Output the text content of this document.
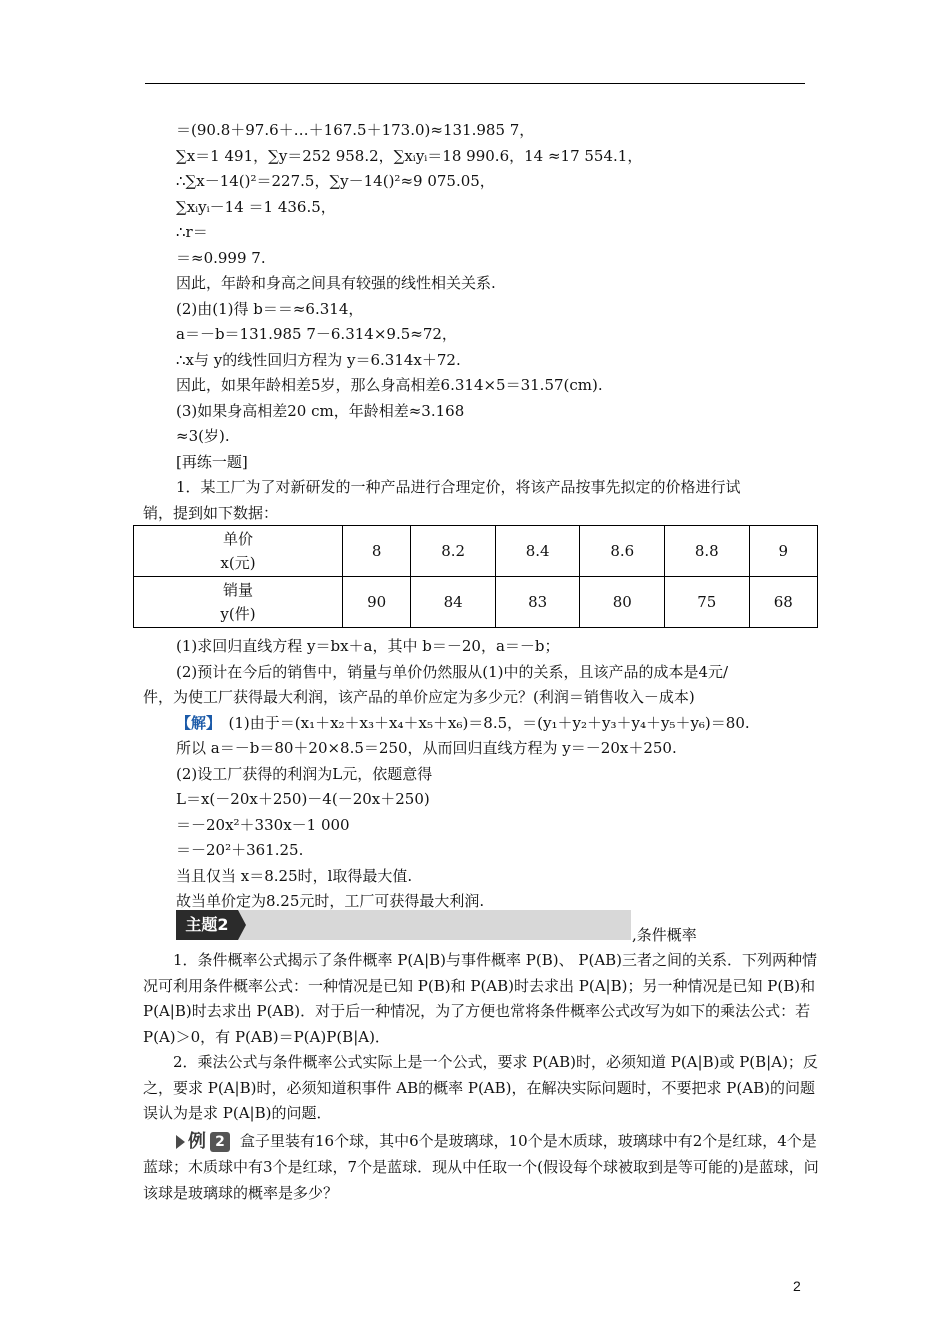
＝(90.8＋97.6＋…＋167.5＋173.0)≈131.985 7，
∑x＝1 491，∑y＝252 958.2，∑xᵢyᵢ＝18 990.6，14 ≈17 554.1，
∴∑x－14()²＝227.5，∑y－14()²≈9 075.05，
∑xᵢyᵢ－14 ＝1 436.5，
∴r＝
＝≈0.999 7.
因此，年龄和身高之间具有较强的线性相关关系.
(2)由(1)得 b＝＝≈6.314，
a＝－b＝131.985 7－6.314×9.5≈72，
∴x与 y的线性回归方程为 y＝6.314x＋72.
因此，如果年龄相差5岁，那么身高相差6.314×5＝31.57(cm).
(3)如果身高相差20 cm，年龄相差≈3.168
≈3(岁).
[再练一题]
1．某工厂为了对新研发的一种产品进行合理定价，将该产品按事先拟定的价格进行试
销，提到如下数据：
单价
x(元)	8	8.2	8.4	8.6	8.8	9

销量
y(件)	90	84	83	80	75	68
(1)求回归直线方程 y＝bx＋a，其中 b＝－20，a＝－b；
(2)预计在今后的销售中，销量与单价仍然服从(1)中的关系，且该产品的成本是4元/
件，为使工厂获得最大利润，该产品的单价应定为多少元？(利润＝销售收入－成本)
【解】　(1)由于＝(x₁＋x₂＋x₃＋x₄＋x₅＋x₆)＝8.5，＝(y₁＋y₂＋y₃＋y₄＋y₅＋y₆)＝80.
所以 a＝－b＝80＋20×8.5＝250，从而回归直线方程为 y＝－20x＋250.
(2)设工厂获得的利润为L元，依题意得
L＝x(－20x＋250)－4(－20x＋250)
＝－20x²＋330x－1 000
＝－20²＋361.25.
当且仅当 x＝8.25时，l取得最大值.
故当单价定为8.25元时，工厂可获得最大利润.
主题2
,条件概率
　　1．条件概率公式揭示了条件概率 P(A|B)与事件概率 P(B)、 P(AB)三者之间的关系．下列两种情况可利用条件概率公式：一种情况是已知 P(B)和 P(AB)时去求出 P(A|B)；另一种情况是已知 P(B)和 P(A|B)时去求出 P(AB)．对于后一种情况，为了方便也常将条件概率公式改写为如下的乘法公式：若 P(A)＞0，有 P(AB)＝P(A)P(B|A)．
　　2．乘法公式与条件概率公式实际上是一个公式，要求 P(AB)时，必须知道 P(A|B)或 P(B|A)；反之，要求 P(A|B)时，必须知道积事件 AB的概率 P(AB)，在解决实际问题时，不要把求 P(AB)的问题误认为是求 P(A|B)的问题．
例 2	盒子里装有16个球，其中6个是玻璃球，10个是木质球，玻璃球中有2个是红球，4个是蓝球；木质球中有3个是红球，7个是蓝球．现从中任取一个(假设每个球被取到是等可能的)是蓝球，问该球是玻璃球的概率是多少？
2
